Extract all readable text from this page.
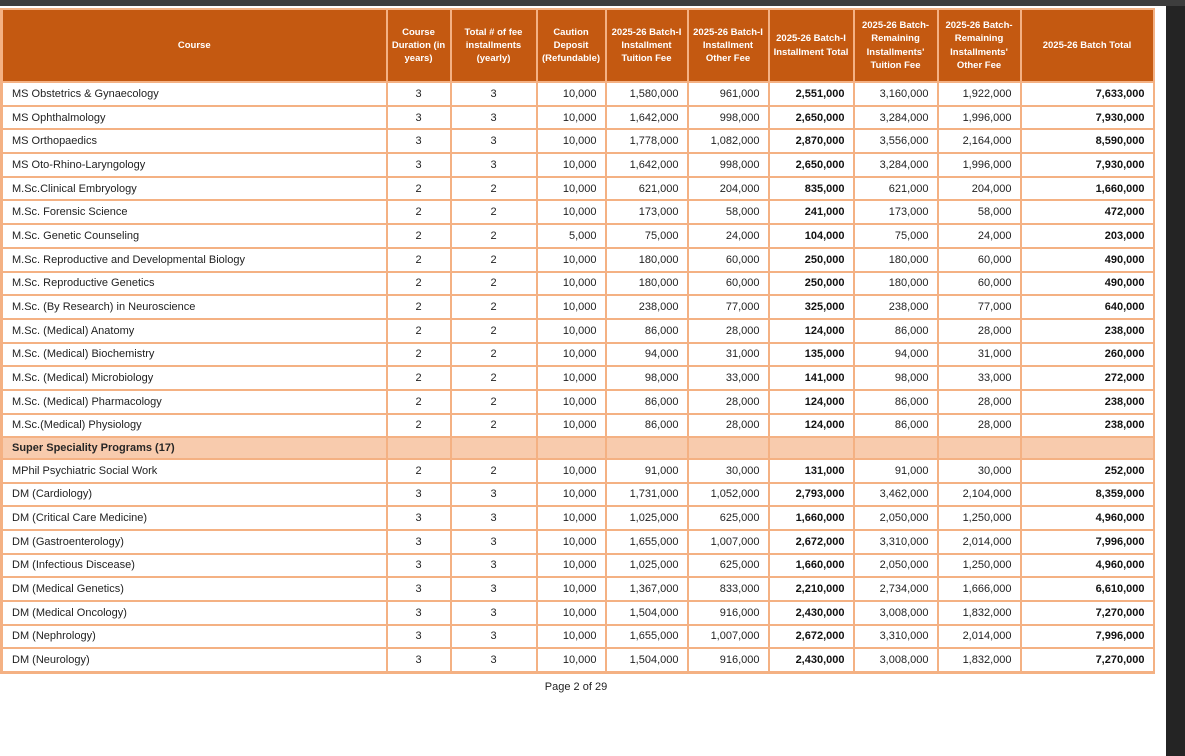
Course	Course Duration (in years)	Total # of fee installments (yearly)	Caution Deposit (Refundable)	2025-26 Batch-I Installment Tuition Fee	2025-26 Batch-I Installment Other Fee	2025-26 Batch-I Installment Total	2025-26 Batch-Remaining Installments' Tuition Fee	2025-26 Batch-Remaining Installments' Other Fee	2025-26 Batch Total
MS Obstetrics & Gynaecology	3	3	10,000	1,580,000	961,000	2,551,000	3,160,000	1,922,000	7,633,000
MS Ophthalmology	3	3	10,000	1,642,000	998,000	2,650,000	3,284,000	1,996,000	7,930,000
MS Orthopaedics	3	3	10,000	1,778,000	1,082,000	2,870,000	3,556,000	2,164,000	8,590,000
MS Oto-Rhino-Laryngology	3	3	10,000	1,642,000	998,000	2,650,000	3,284,000	1,996,000	7,930,000
M.Sc.Clinical Embryology	2	2	10,000	621,000	204,000	835,000	621,000	204,000	1,660,000
M.Sc. Forensic Science	2	2	10,000	173,000	58,000	241,000	173,000	58,000	472,000
M.Sc. Genetic Counseling	2	2	5,000	75,000	24,000	104,000	75,000	24,000	203,000
M.Sc. Reproductive and Developmental Biology	2	2	10,000	180,000	60,000	250,000	180,000	60,000	490,000
M.Sc. Reproductive Genetics	2	2	10,000	180,000	60,000	250,000	180,000	60,000	490,000
M.Sc. (By Research) in Neuroscience	2	2	10,000	238,000	77,000	325,000	238,000	77,000	640,000
M.Sc. (Medical) Anatomy	2	2	10,000	86,000	28,000	124,000	86,000	28,000	238,000
M.Sc. (Medical) Biochemistry	2	2	10,000	94,000	31,000	135,000	94,000	31,000	260,000
M.Sc. (Medical) Microbiology	2	2	10,000	98,000	33,000	141,000	98,000	33,000	272,000
M.Sc. (Medical) Pharmacology	2	2	10,000	86,000	28,000	124,000	86,000	28,000	238,000
M.Sc.(Medical) Physiology	2	2	10,000	86,000	28,000	124,000	86,000	28,000	238,000
Super Speciality Programs (17)									
MPhil Psychiatric Social Work	2	2	10,000	91,000	30,000	131,000	91,000	30,000	252,000
DM (Cardiology)	3	3	10,000	1,731,000	1,052,000	2,793,000	3,462,000	2,104,000	8,359,000
DM (Critical Care Medicine)	3	3	10,000	1,025,000	625,000	1,660,000	2,050,000	1,250,000	4,960,000
DM (Gastroenterology)	3	3	10,000	1,655,000	1,007,000	2,672,000	3,310,000	2,014,000	7,996,000
DM (Infectious Discease)	3	3	10,000	1,025,000	625,000	1,660,000	2,050,000	1,250,000	4,960,000
DM (Medical Genetics)	3	3	10,000	1,367,000	833,000	2,210,000	2,734,000	1,666,000	6,610,000
DM (Medical Oncology)	3	3	10,000	1,504,000	916,000	2,430,000	3,008,000	1,832,000	7,270,000
DM (Nephrology)	3	3	10,000	1,655,000	1,007,000	2,672,000	3,310,000	2,014,000	7,996,000
DM (Neurology)	3	3	10,000	1,504,000	916,000	2,430,000	3,008,000	1,832,000	7,270,000
Page 2 of 29
